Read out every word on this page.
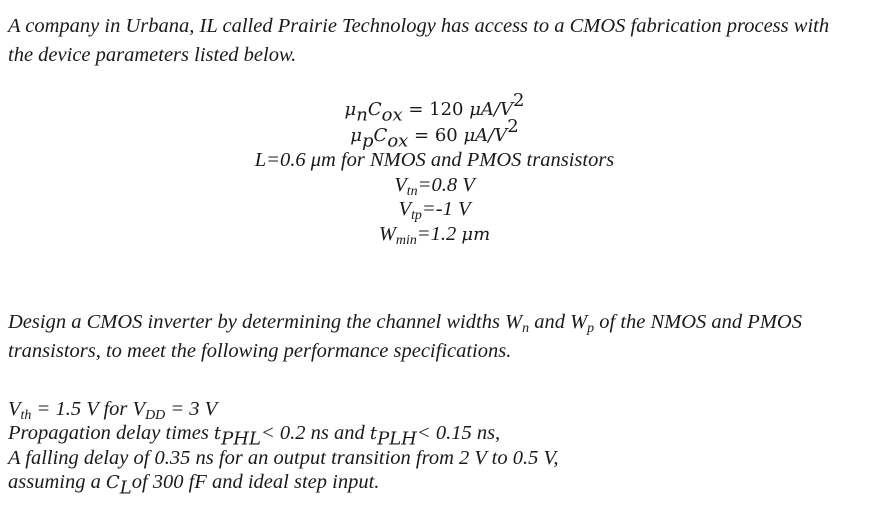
A company in Urbana, IL called Prairie Technology has access to a CMOS fabrication process with the device parameters listed below.

$\mu_nC_{ox} = 120$ $\mu A/V^2$
$\mu_pC_{ox} = 60$ $\mu A/V^2$
L=0.6 μm for NMOS and PMOS transistors
$V_{tn}=0.8$ V
$V_{tp}=-1$ V
$W_{min}=1.2$ μm

Design a CMOS inverter by determining the channel widths $W_n$ and $W_p$ of the NMOS and PMOS transistors, to meet the following performance specifications.

$V_{th} = 1.5$ V for $V_{DD} = 3$ V
Propagation delay times $t_{PHL}< 0.2$ ns and $t_{PLH}< 0.15$ ns,
A falling delay of 0.35 ns for an output transition from 2 V to 0.5 V,
assuming a $C_Lof$ 300 fF and ideal step input.
